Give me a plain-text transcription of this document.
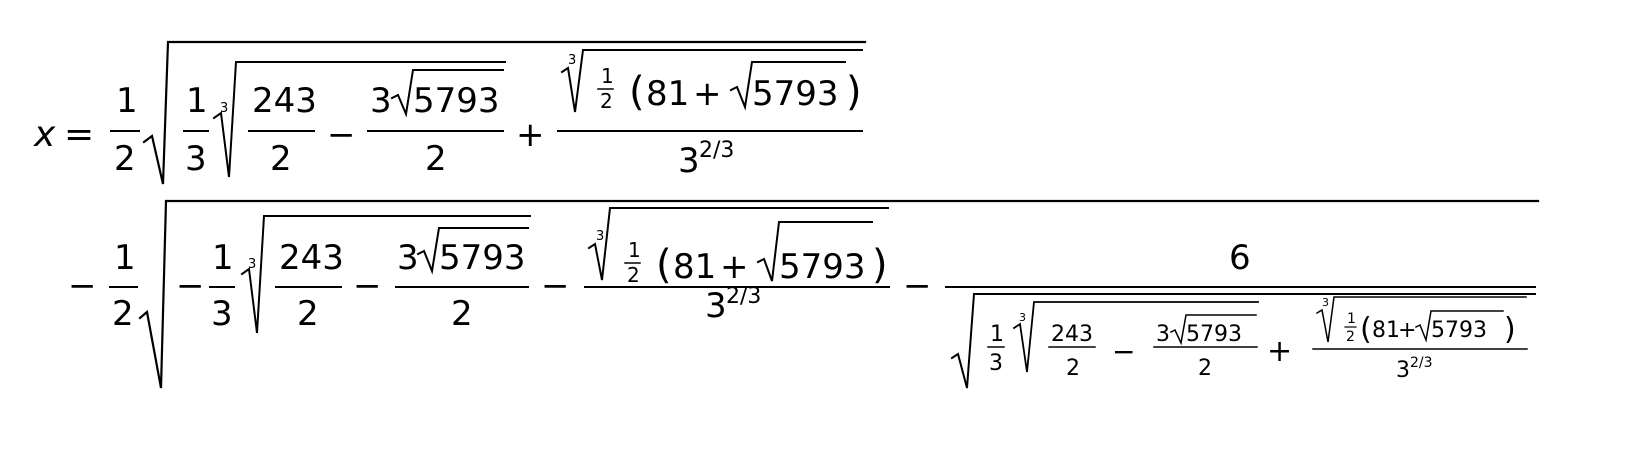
x =
1
2
1
3
3 243
2
−
3 5793
2
+
3
1
2 ( 81 + 5793 )
3 2/3
−
1
2
−
1
3
3 243
2
−
3 5793
2
−
3
1
2 ( 81 + 5793 )
3 2/3	−
6
1
3
3
243
2
−
3 5793
2 +
3
1
2 ( 81
+ 5793 )
3 2/3
